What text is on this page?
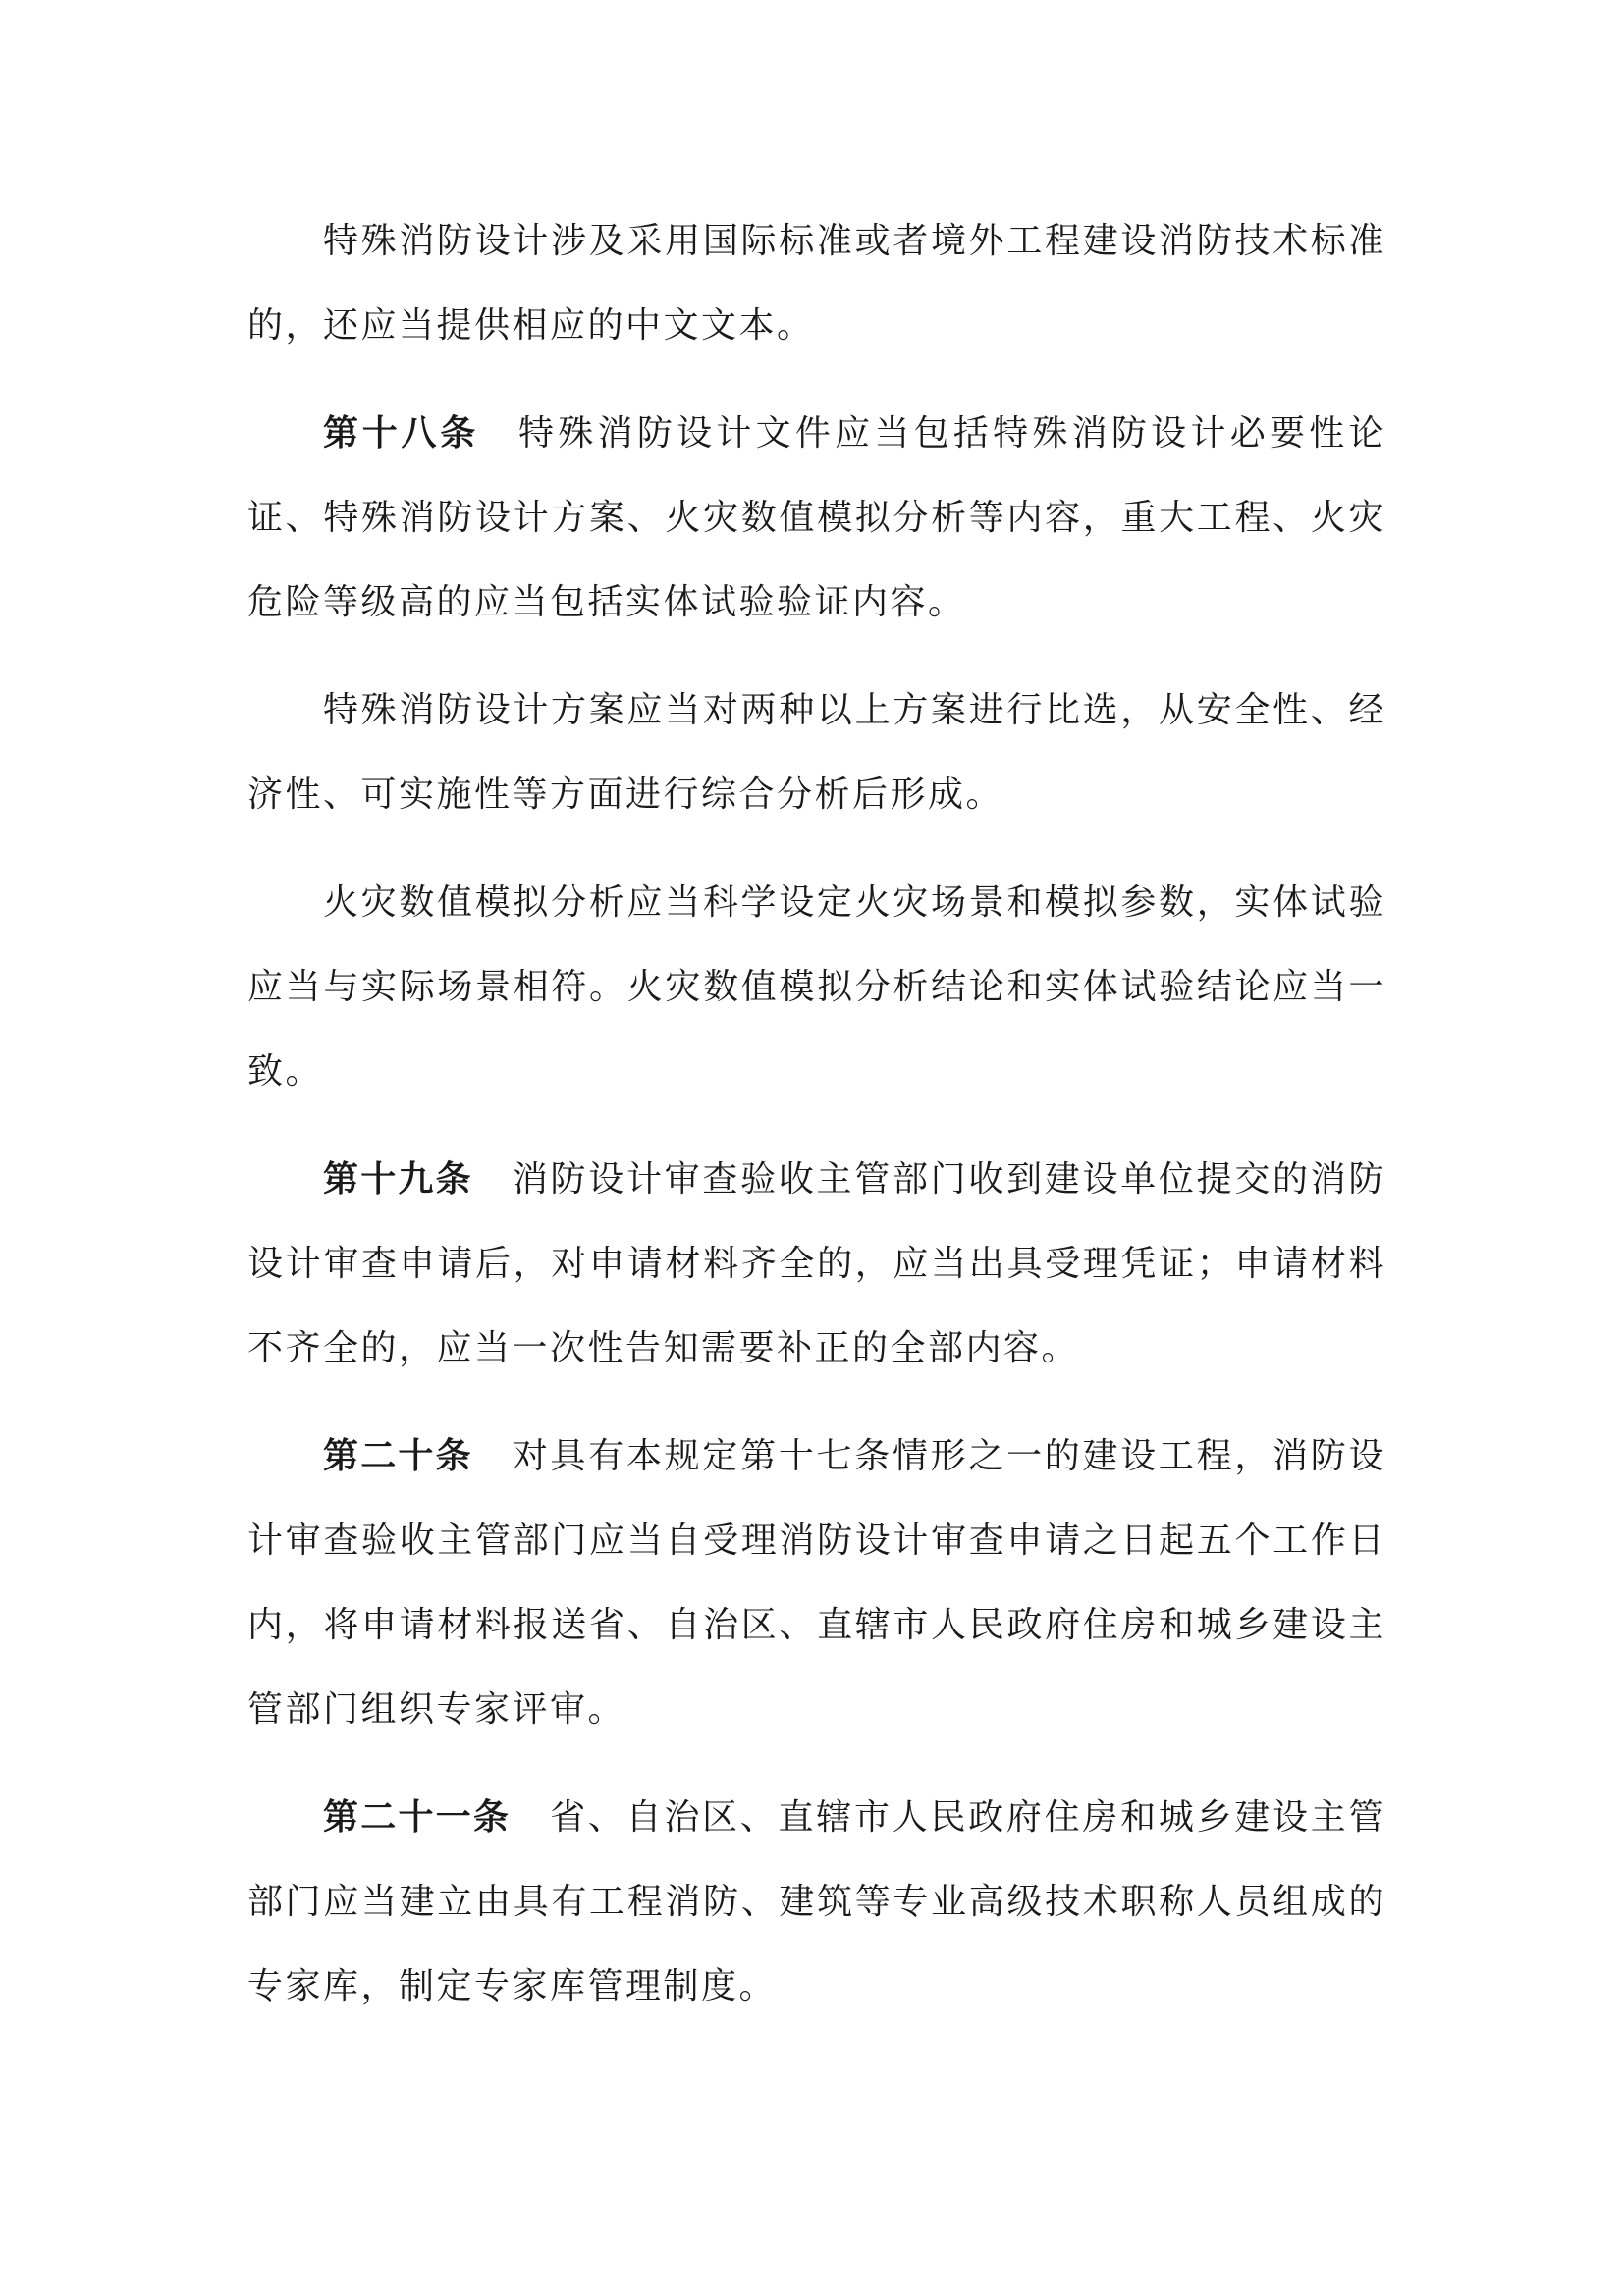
特殊消防设计涉及采用国际标准或者境外工程建设消防技术标准的，还应当提供相应的中文文本。

第十八条 特殊消防设计文件应当包括特殊消防设计必要性论证、特殊消防设计方案、火灾数值模拟分析等内容，重大工程、火灾危险等级高的应当包括实体试验验证内容。

特殊消防设计方案应当对两种以上方案进行比选，从安全性、经济性、可实施性等方面进行综合分析后形成。

火灾数值模拟分析应当科学设定火灾场景和模拟参数，实体试验应当与实际场景相符。火灾数值模拟分析结论和实体试验结论应当一致。

第十九条 消防设计审查验收主管部门收到建设单位提交的消防设计审查申请后，对申请材料齐全的，应当出具受理凭证；申请材料不齐全的，应当一次性告知需要补正的全部内容。

第二十条 对具有本规定第十七条情形之一的建设工程，消防设计审查验收主管部门应当自受理消防设计审查申请之日起五个工作日内，将申请材料报送省、自治区、直辖市人民政府住房和城乡建设主管部门组织专家评审。

第二十一条 省、自治区、直辖市人民政府住房和城乡建设主管部门应当建立由具有工程消防、建筑等专业高级技术职称人员组成的专家库，制定专家库管理制度。
